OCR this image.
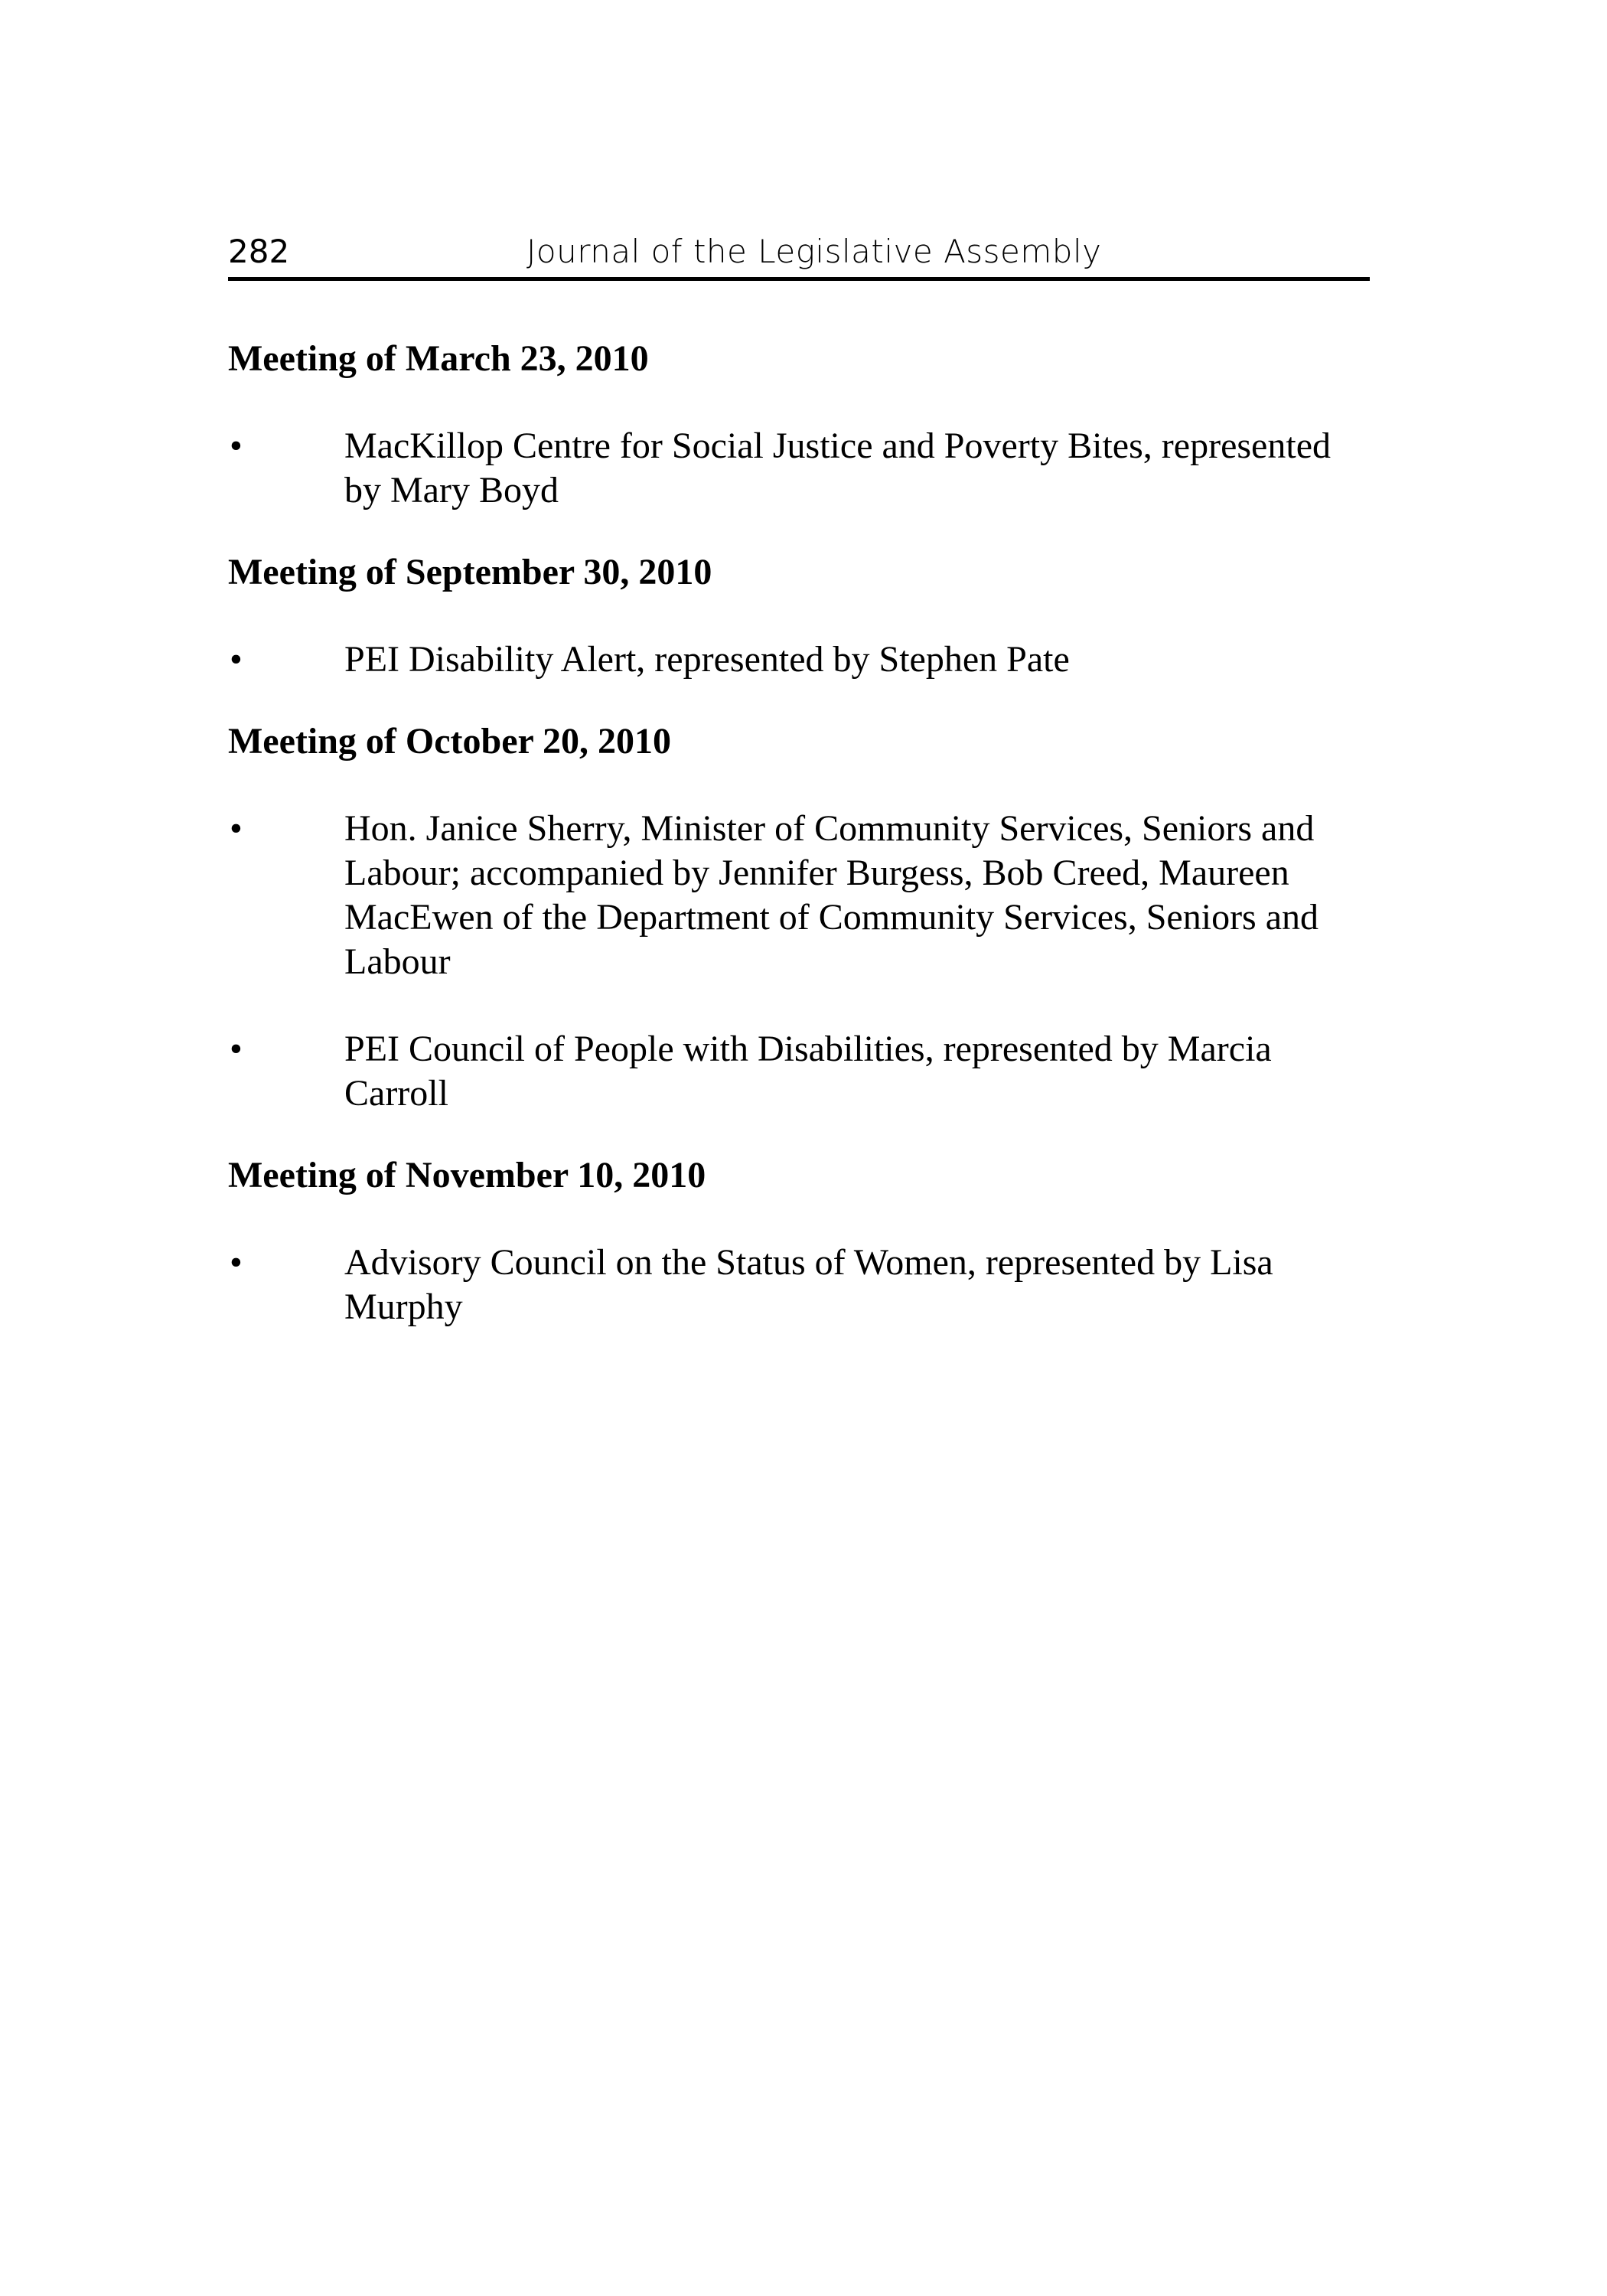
282	Journal of the Legislative Assembly
Meeting of March 23, 2010
•	MacKillop Centre for Social Justice and Poverty Bites, represented by Mary Boyd
Meeting of September 30, 2010
•	PEI Disability Alert, represented by Stephen Pate
Meeting of October 20, 2010
•	Hon. Janice Sherry, Minister of Community Services, Seniors and Labour; accompanied by Jennifer Burgess, Bob Creed, Maureen MacEwen of the Department of Community Services, Seniors and Labour
•	PEI Council of People with Disabilities, represented by Marcia Carroll
Meeting of November 10, 2010
•	Advisory Council on the Status of Women, represented by Lisa Murphy
